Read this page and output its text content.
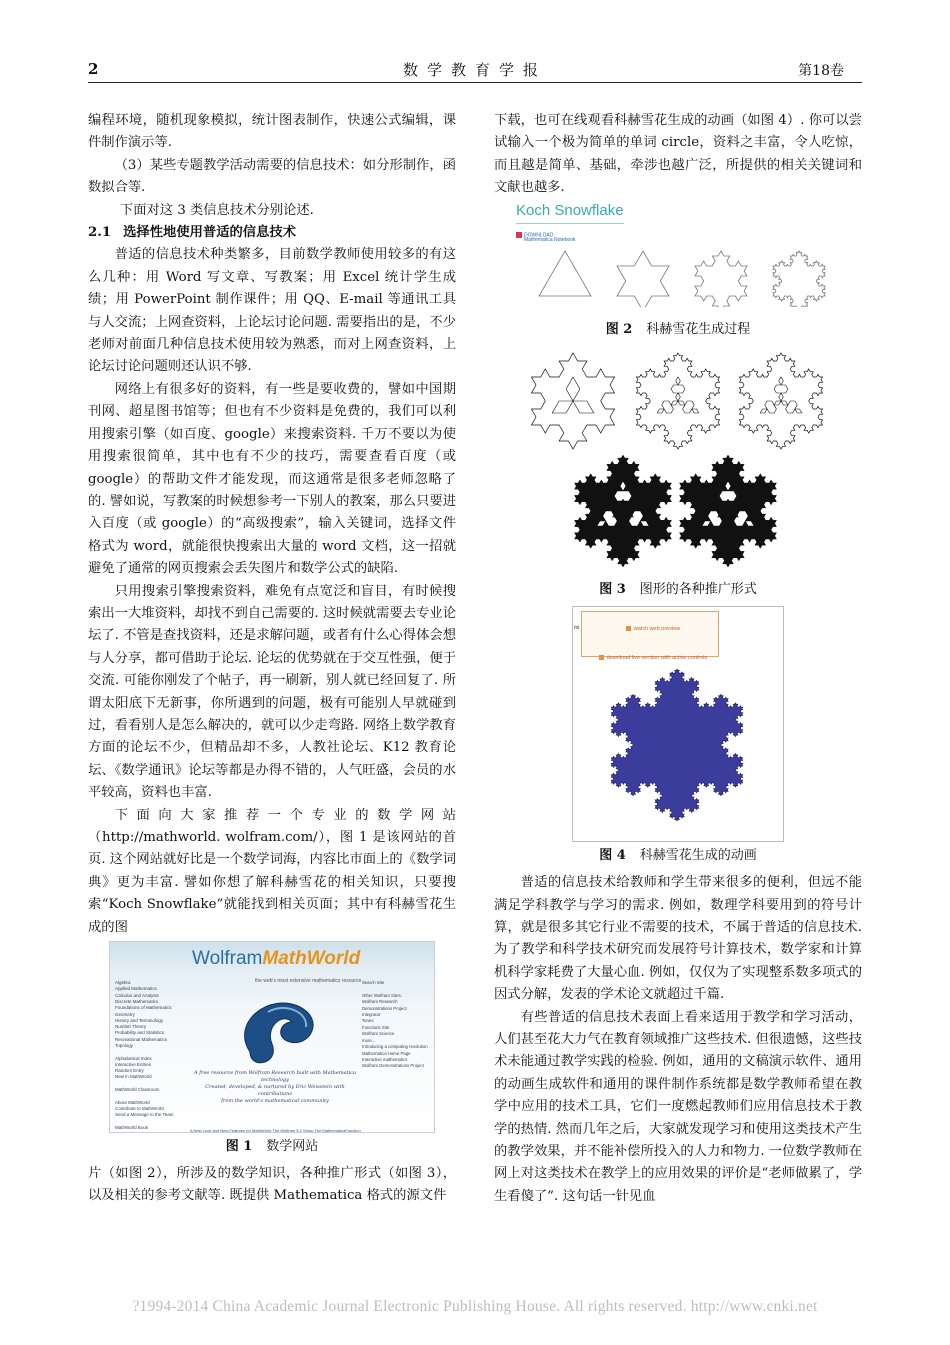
2	数学教育学报	第18卷

编程环境，随机现象模拟，统计图表制作，快速公式编辑，课件制作演示等.

（3）某些专题教学活动需要的信息技术：如分形制作，函数拟合等.

下面对这 3 类信息技术分别论述.

2.1 选择性地使用普适的信息技术

普适的信息技术种类繁多，目前数学教师使用较多的有这么几种：用 Word 写文章、写教案；用 Excel 统计学生成绩；用 PowerPoint 制作课件；用 QQ、E-mail 等通讯工具与人交流；上网查资料，上论坛讨论问题. 需要指出的是，不少老师对前面几种信息技术使用较为熟悉，而对上网查资料，上论坛讨论问题则还认识不够.

网络上有很多好的资料，有一些是要收费的，譬如中国期刊网、超星图书馆等；但也有不少资料是免费的，我们可以利用搜索引擎（如百度、google）来搜索资料. 千万不要以为使用搜索很简单，其中也有不少的技巧，需要查看百度（或 google）的帮助文件才能发现，而这通常是很多老师忽略了的. 譬如说，写教案的时候想参考一下别人的教案，那么只要进入百度（或 google）的“高级搜索”，输入关键词，选择文件格式为 word，就能很快搜索出大量的 word 文档，这一招就避免了通常的网页搜索会丢失图片和数学公式的缺陷.

只用搜索引擎搜索资料，难免有点宽泛和盲目，有时候搜索出一大堆资料，却找不到自己需要的. 这时候就需要去专业论坛了. 不管是查找资料，还是求解问题，或者有什么心得体会想与人分享，都可借助于论坛. 论坛的优势就在于交互性强，便于交流. 可能你刚发了个帖子，再一刷新，别人就已经回复了. 所谓太阳底下无新事，你所遇到的问题，极有可能别人早就碰到过，看看别人是怎么解决的，就可以少走弯路. 网络上数学教育方面的论坛不少，但精品却不多，人教社论坛、K12 教育论坛、《数学通讯》论坛等都是办得不错的，人气旺盛，会员的水平较高，资料也丰富.

下面向大家推荐一个专业的数学网站（http://mathworld. wolfram.com/），图 1 是该网站的首页. 这个网站就好比是一个数学词海，内容比市面上的《数学词典》更为丰富. 譬如你想了解科赫雪花的相关知识，只要搜索“Koch Snowflake”就能找到相关页面；其中有科赫雪花生成的图

WolframMathWorld
the web's most extensive mathematics resource
Algebra
Applied Mathematics
Calculus and Analysis
Discrete Mathematics
Foundations of Mathematics
Geometry
History and Terminology
Number Theory
Probability and Statistics
Recreational Mathematics
Topology

Alphabetical Index
Interactive Entries
Random Entry
New in MathWorld

MathWorld Classroom

About MathWorld
Contribute to MathWorld
Send a Message to the Team

MathWorld Book
Search Site

Other Wolfram Sites:
Wolfram Research
Demonstrations Project
Integrator
Tones
Functions Site
Wolfram Science
more...
Introducing a computing revolution
Mathematica Home Page
Interactive mathematics
Wolfram Demonstrations Project
A free resource from Wolfram Research built with Mathematica technology
Created, developed, & nurtured by Eric Weisstein with contributions
from the world's mathematical community
A New Look and New Features for MathWorld The Wolfram 5.2 Setup The MathematicaFunction
图 1 数学网站

片（如图 2），所涉及的数学知识，各种推广形式（如图 3），以及相关的参考文献等. 既提供 Mathematica 格式的源文件

下载，也可在线观看科赫雪花生成的动画（如图 4）. 你可以尝试输入一个极为简单的单词 circle，资料之丰富，令人吃惊，而且越是简单、基础，牵涉也越广泛，所提供的相关关键词和文献也越多.

Koch Snowflake
DOWNLOAD
Mathematica Notebook
图 2 科赫雪花生成过程
图 3 图形的各种推广形式
mi	watch web preview
download live version with active controls
图 4 科赫雪花生成的动画

普适的信息技术给教师和学生带来很多的便利，但远不能满足学科教学与学习的需求. 例如，数理学科要用到的符号计算，就是很多其它行业不需要的技术，不属于普适的信息技术. 为了教学和科学技术研究而发展符号计算技术，数学家和计算机科学家耗费了大量心血. 例如，仅仅为了实现整系数多项式的因式分解，发表的学术论文就超过千篇.

有些普适的信息技术表面上看来适用于教学和学习活动，人们甚至花大力气在教育领域推广这些技术. 但很遗憾，这些技术未能通过教学实践的检验. 例如，通用的文稿演示软件、通用的动画生成软件和通用的课件制作系统都是数学教师希望在教学中应用的技术工具，它们一度燃起教师们应用信息技术于教学的热情. 然而几年之后，大家就发现学习和使用这类技术产生的教学效果，并不能补偿所投入的人力和物力. 一位数学教师在网上对这类技术在教学上的应用效果的评价是“老师做累了，学生看傻了”. 这句话一针见血

?1994-2014 China Academic Journal Electronic Publishing House. All rights reserved. http://www.cnki.net
